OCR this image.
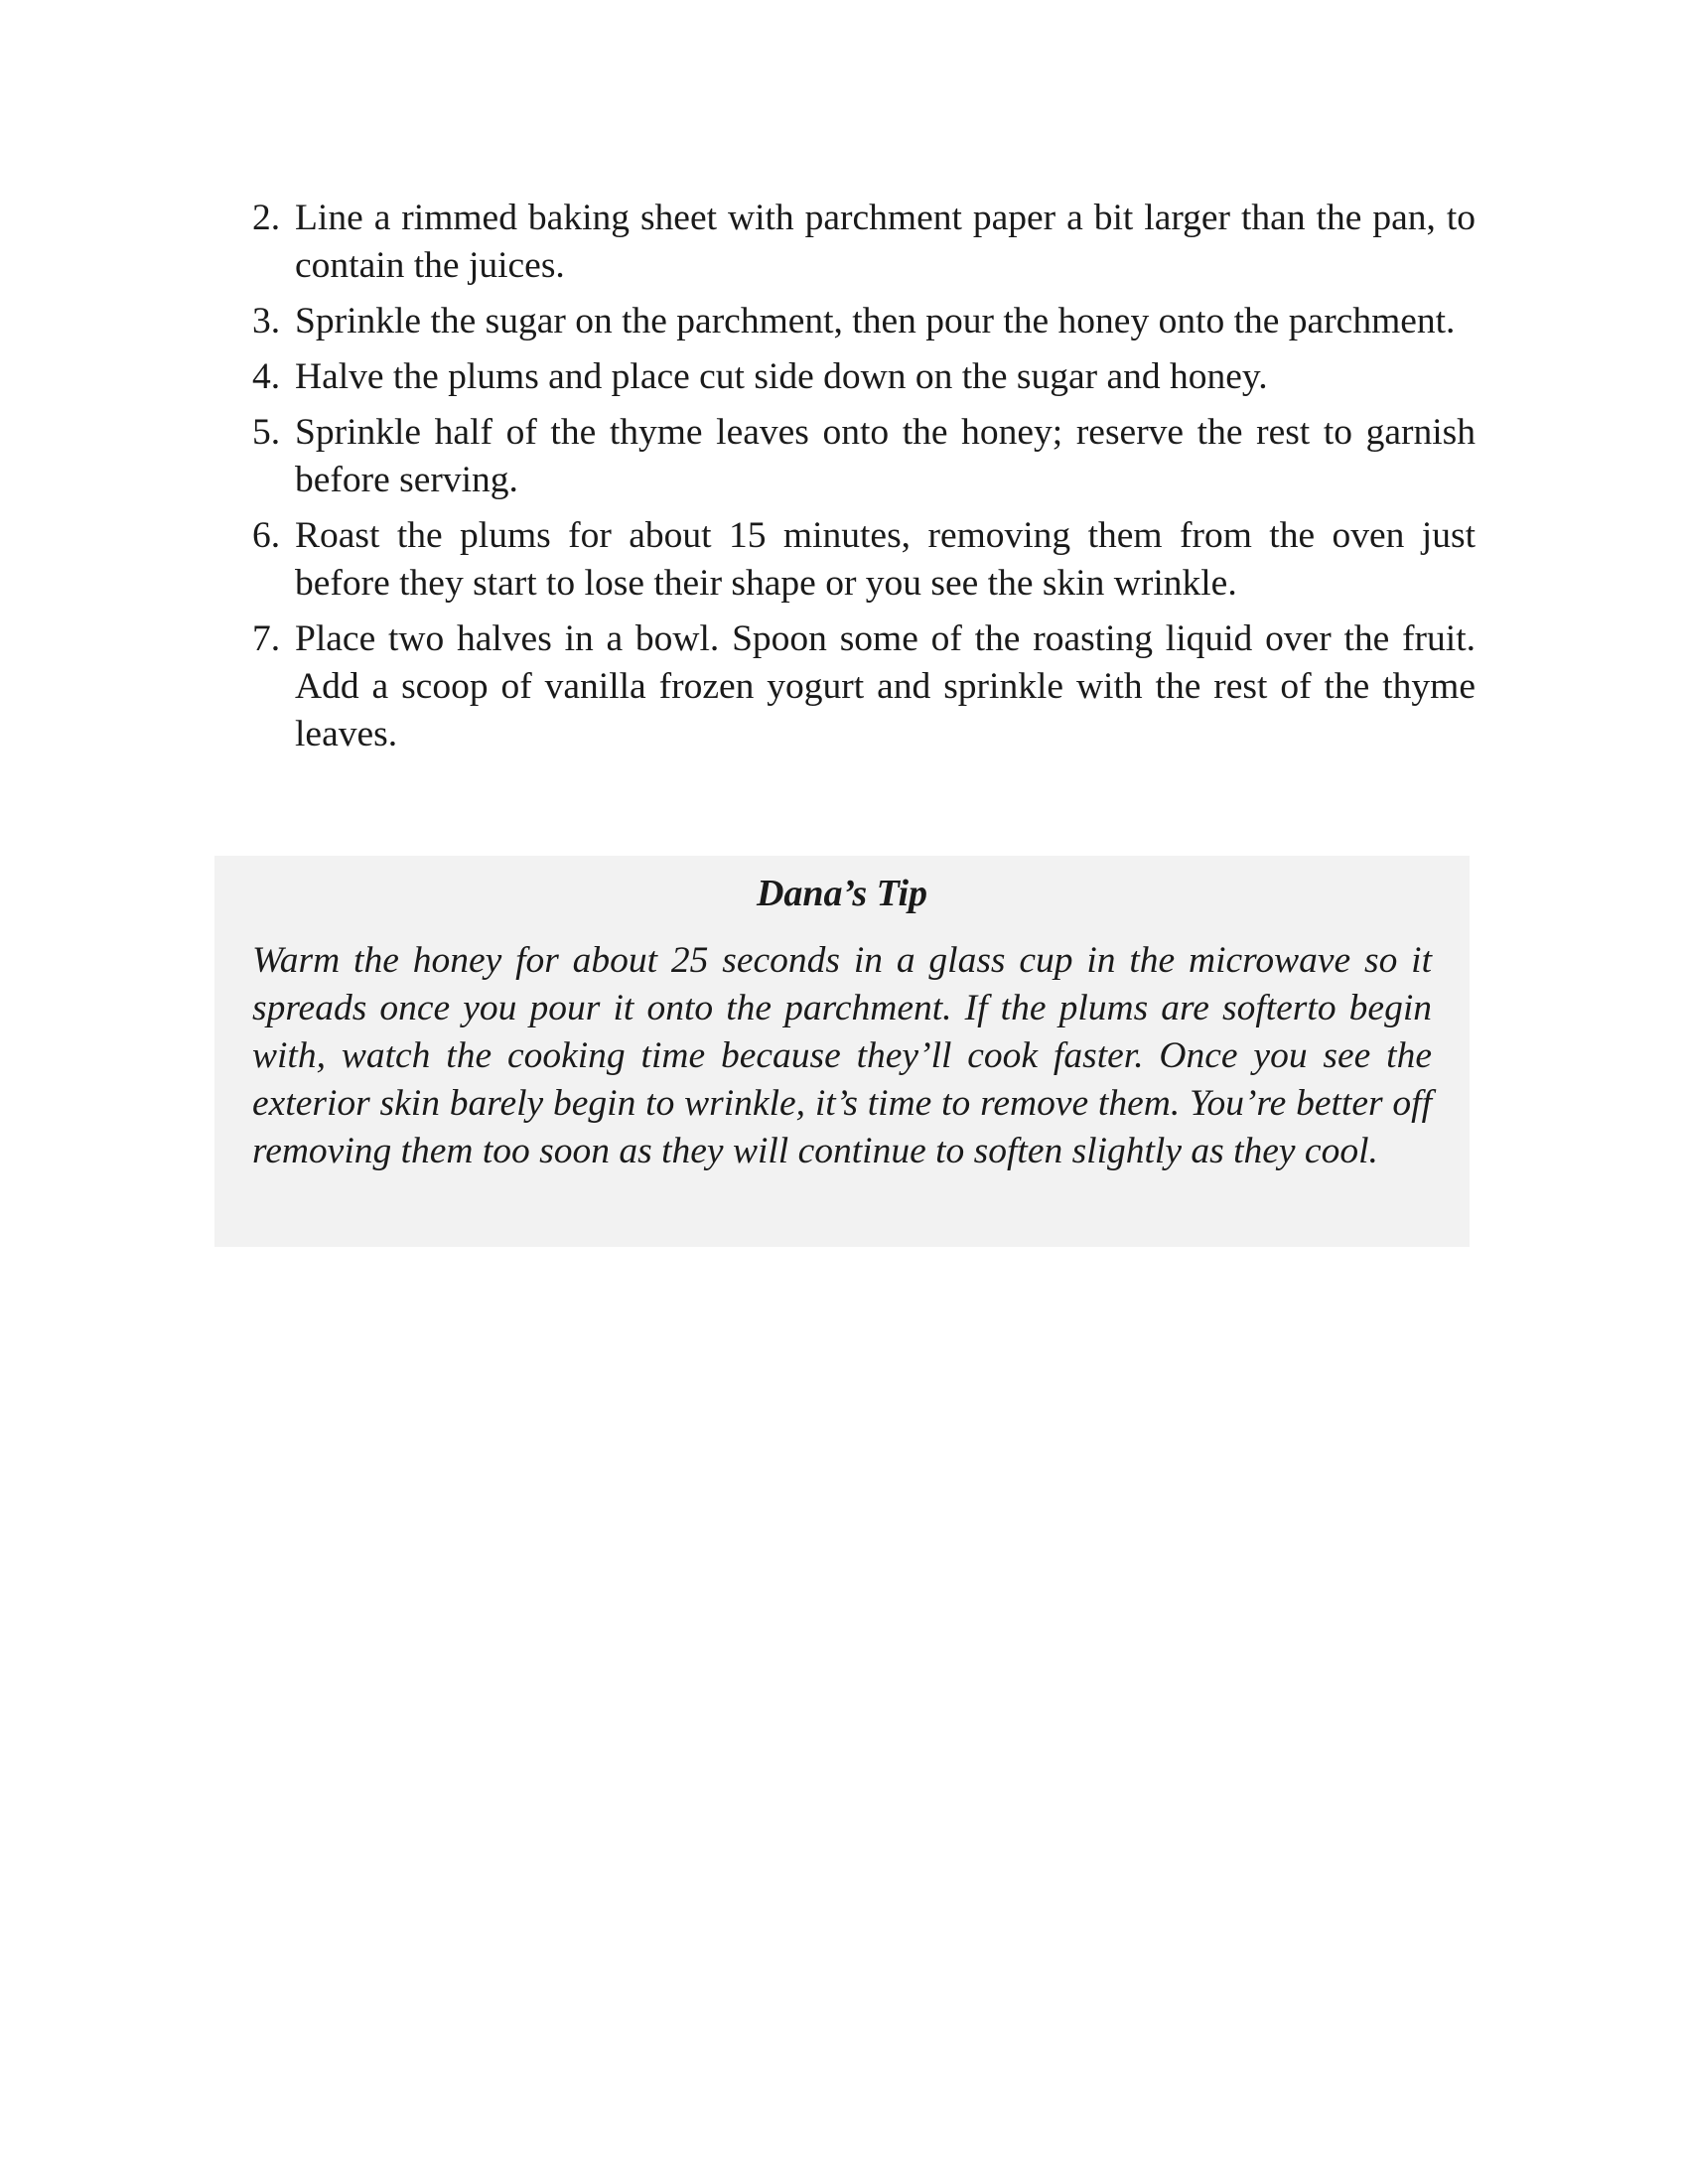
2. Line a rimmed baking sheet with parchment paper a bit larger than the pan, to contain the juices.
3. Sprinkle the sugar on the parchment, then pour the honey onto the parchment.
4. Halve the plums and place cut side down on the sugar and honey.
5. Sprinkle half of the thyme leaves onto the honey; reserve the rest to garnish before serving.
6. Roast the plums for about 15 minutes, removing them from the oven just before they start to lose their shape or you see the skin wrinkle.
7. Place two halves in a bowl. Spoon some of the roasting liquid over the fruit. Add a scoop of vanilla frozen yogurt and sprinkle with the rest of the thyme leaves.

Dana’s Tip

Warm the honey for about 25 seconds in a glass cup in the microwave so it spreads once you pour it onto the parchment. If the plums are softerto begin with, watch the cooking time because they’ll cook faster. Once you see the exterior skin barely begin to wrinkle, it’s time to remove them. You’re better off removing them too soon as they will continue to soften slightly as they cool.
